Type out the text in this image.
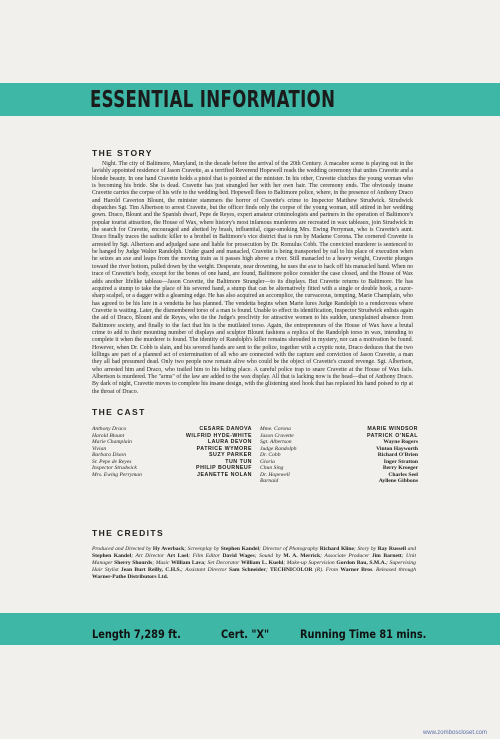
ESSENTIAL INFORMATION
THE STORY

Night. The city of Baltimore, Maryland, in the decade before the arrival of the 20th Century. A macabre scene is playing out in the lavishly appointed residence of Jason Cravette, as a terrified Reverend Hopewell reads the wedding ceremony that unites Cravette and a blonde beauty. In one hand Cravette holds a pistol that is pointed at the minister. In his other, Cravette clutches the young woman who is becoming his bride. She is dead. Cravette has just strangled her with her own hair. The ceremony ends. The obviously insane Cravette carries the corpse of his wife to the wedding bed. Hopewell flees to Baltimore police, where, in the presence of Anthony Draco and Harold Caverton Blount, the minister stammers the horror of Cravette's crime to Inspector Matthew Strudwick. Strudwick dispatches Sgt. Tim Albertson to arrest Cravette, but the officer finds only the corpse of the young woman, still attired in her wedding gown. Draco, Blount and the Spanish dwarf, Pepe de Reyes, expert amateur criminologists and partners in the operation of Baltimore's popular tourist attraction, the House of Wax, where history's most infamous murderers are recreated in wax tableaux, join Strudwick in the search for Cravette, encouraged and abetted by brash, influential, cigar-smoking Mrs. Ewing Perryman, who is Cravette's aunt. Draco finally traces the sadistic killer to a brothel in Baltimore's vice district that is run by Madame Corona. The cornered Cravette is arrested by Sgt. Albertson and adjudged sane and liable for prosecution by Dr. Romulus Cobb. The convicted murderer is sentenced to be hanged by Judge Walter Randolph. Under guard and manacled, Cravette is being transported by rail to his place of execution when he seizes an axe and leaps from the moving train as it passes high above a river. Still manacled to a heavy weight, Cravette plunges toward the river bottom, pulled down by the weight. Desperate, near drowning, he uses the axe to hack off his manacled hand. When no trace of Cravette's body, except for the bones of one hand, are found, Baltimore police consider the case closed, and the House of Wax adds another lifelike tableau—Jason Cravette, the Baltimore Strangler—to its displays. But Cravette returns to Baltimore. He has acquired a stump to take the place of his severed hand, a stump that can be alternatively fitted with a single or double hook, a razor-sharp scalpel, or a dagger with a gleaming edge. He has also acquired an accomplice, the curvaceous, tempting, Marie Champlain, who has agreed to be his lure in a vendetta he has planned. The vendetta begins when Marie lures Judge Randolph to a rendezvous where Cravette is waiting. Later, the dismembered torso of a man is found. Unable to effect its identification, Inspector Strudwick enlists again the aid of Draco, Blount and de Reyes, who tie the Judge's proclivity for attractive women to his sudden, unexplained absence from Baltimore society, and finally to the fact that his is the mutilated torso. Again, the entrepreneurs of the House of Wax have a brutal crime to add to their mounting number of displays and sculptor Blount fashions a replica of the Randolph torso in wax, intending to complete it when the murderer is found. The identity of Randolph's killer remains shrouded in mystery, nor can a motivation be found. However, when Dr. Cobb is slain, and his severed hands are sent to the police, together with a cryptic note, Draco deduces that the two killings are part of a planned act of extermination of all who are connected with the capture and conviction of Jason Cravette, a man they all had presumed dead. Only two people now remain alive who could be the object of Cravette's crazed revenge. Sgt. Albertson, who arrested him and Draco, who trailed him to his hiding place. A careful police trap to snare Cravette at the House of Wax fails. Albertson is murdered. The "arms" of the law are added to the wax display. All that is lacking now is the head—that of Anthony Draco. By dark of night, Cravette moves to complete his insane design, with the glistening steel hook that has replaced his hand poised to rip at the throat of Draco.

THE CAST
Anthony Draco	CESARE DANOVA
Harold Blount	WILFRID HYDE-WHITE
Marie Champlain	LAURA DEVON
Vivian	PATRICE WYMORE
Barbara Dixon	SUZY PARKER
Sr. Pepe de Reyes	TUN TUN
Inspector Strudwick	PHILIP BOURNEUF
Mrs. Ewing Perryman	JEANETTE NOLAN
Mme. Corona	MARIE WINDSOR
Jason Cravette	PATRICK O'NEAL
Sgt. Albertson	Wayne Rogers
Judge Randolph	Vinton Hayworth
Dr. Cobb	Richard O'Brien
Gloria	Inger Stratton
Chun Sing	Berry Kroeger
Dr. Hopewell	Charles Seel
Barnaid	Ayllene Gibbons
THE CREDITS
Produced and Directed by Hy Averback; Screenplay by Stephen Kandel; Director of Photography Richard Kline; Story by Ray Russell and Stephen Kandel; Art Director Art Loel; Film Editor David Wages; Sound by M. A. Merrick; Associate Producer Jim Barnett; Unit Manager Sherry Shourds; Music William Lava; Set Decorator William L. Kuehl; Make-up Supervision Gordon Bau, S.M.A.; Supervising Hair Stylist Jean Burt Reilly, C.H.S.; Assistant Director Sam Schneider; TECHNICOLOR (R). From Warner Bros. Released through Warner-Pathe Distributors Ltd.
Length 7,289 ft.	Cert. "X"	Running Time 81 mins.
www.zomboscloset.com
